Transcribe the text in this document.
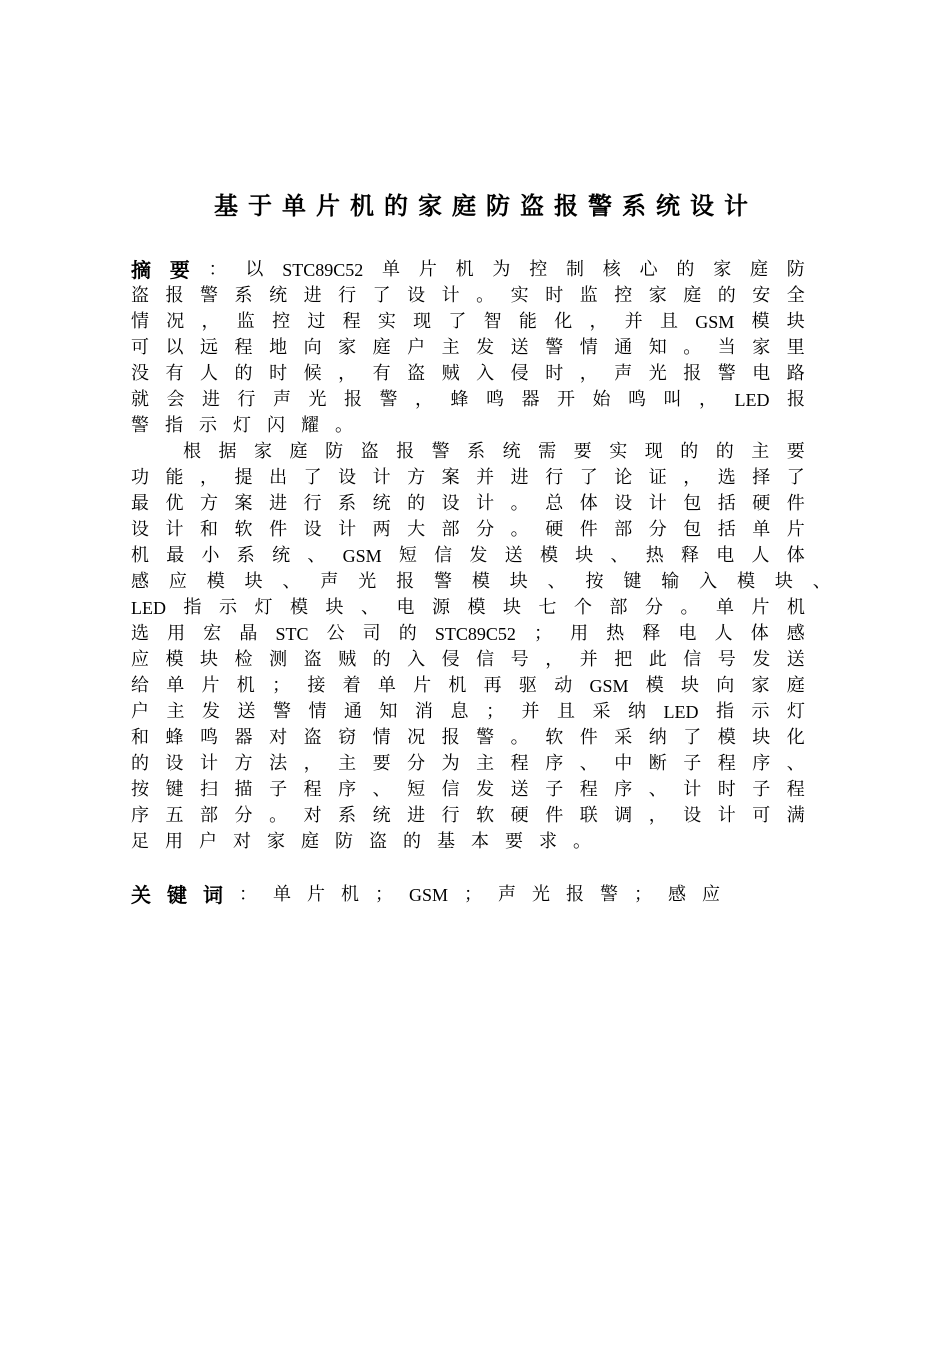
基于单片机的家庭防盗报警系统设计
摘 要 ： 以 STC89C52 单 片 机 为 控 制 核 心 的 家 庭 防
盗 报 警 系 统 进 行 了 设 计 。 实 时 监 控 家 庭 的 安 全
情 况 ， 监 控 过 程 实 现 了 智 能 化 ， 并 且 GSM 模 块
可 以 远 程 地 向 家 庭 户 主 发 送 警 情 通 知 。 当 家 里
没 有 人 的 时 候 ， 有 盗 贼 入 侵 时 ， 声 光 报 警 电 路
就 会 进 行 声 光 报 警 ， 蜂 鸣 器 开 始 鸣 叫 ， LED 报
警 指 示 灯 闪 耀 。
根 据 家 庭 防 盗 报 警 系 统 需 要 实 现 的 的 主 要
功 能 ， 提 出 了 设 计 方 案 并 进 行 了 论 证 ， 选 择 了
最 优 方 案 进 行 系 统 的 设 计 。 总 体 设 计 包 括 硬 件
设 计 和 软 件 设 计 两 大 部 分 。 硬 件 部 分 包 括 单 片
机 最 小 系 统 、 GSM 短 信 发 送 模 块 、 热 释 电 人 体
感 应 模 块 、 声 光 报 警 模 块 、 按 键 输 入 模 块 、
LED 指 示 灯 模 块 、 电 源 模 块 七 个 部 分 。 单 片 机
选 用 宏 晶 STC 公 司 的 STC89C52 ； 用 热 释 电 人 体 感
应 模 块 检 测 盗 贼 的 入 侵 信 号 ， 并 把 此 信 号 发 送
给 单 片 机 ； 接 着 单 片 机 再 驱 动 GSM 模 块 向 家 庭
户 主 发 送 警 情 通 知 消 息 ； 并 且 采 纳 LED 指 示 灯
和 蜂 鸣 器 对 盗 窃 情 况 报 警 。 软 件 采 纳 了 模 块 化
的 设 计 方 法 ， 主 要 分 为 主 程 序 、 中 断 子 程 序 、
按 键 扫 描 子 程 序 、 短 信 发 送 子 程 序 、 计 时 子 程
序 五 部 分 。 对 系 统 进 行 软 硬 件 联 调 ， 设 计 可 满
足 用 户 对 家 庭 防 盗 的 基 本 要 求 。
关 键 词 ： 单 片 机 ； GSM ； 声 光 报 警 ； 感 应
